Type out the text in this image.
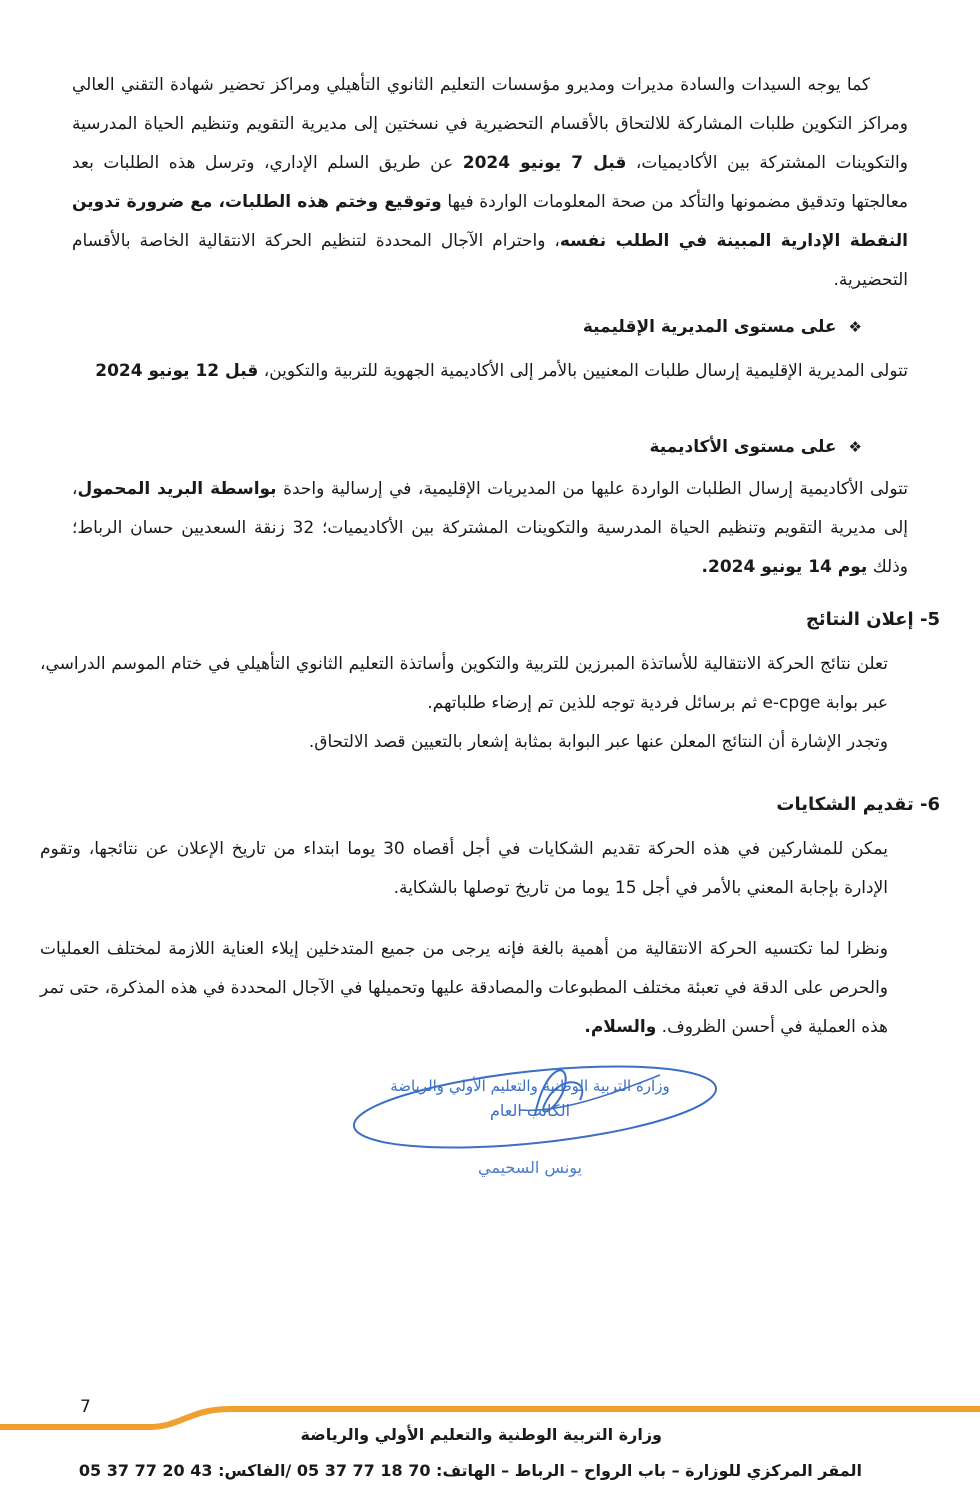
كما يوجه السيدات والسادة مديرات ومديرو مؤسسات التعليم الثانوي التأهيلي ومراكز تحضير شهادة التقني العالي ومراكز التكوين طلبات المشاركة للالتحاق بالأقسام التحضيرية في نسختين إلى مديرية التقويم وتنظيم الحياة المدرسية والتكوينات المشتركة بين الأكاديميات، قبل 7 يونيو 2024 عن طريق السلم الإداري، وترسل هذه الطلبات بعد معالجتها وتدقيق مضمونها والتأكد من صحة المعلومات الواردة فيها وتوقيع وختم هذه الطلبات، مع ضرورة تدوين النقطة الإدارية المبينة في الطلب نفسه، واحترام الآجال المحددة لتنظيم الحركة الانتقالية الخاصة بالأقسام التحضيرية.

❖على مستوى المديرية الإقليمية

تتولى المديرية الإقليمية إرسال طلبات المعنيين بالأمر إلى الأكاديمية الجهوية للتربية والتكوين، قبل 12 يونيو 2024

❖على مستوى الأكاديمية

تتولى الأكاديمية إرسال الطلبات الواردة عليها من المديريات الإقليمية، في إرسالية واحدة بواسطة البريد المحمول، إلى مديرية التقويم وتنظيم الحياة المدرسية والتكوينات المشتركة بين الأكاديميات؛ 32 زنقة السعديين حسان الرباط؛ وذلك يوم 14 يونيو 2024.

5- إعلان النتائج

تعلن نتائج الحركة الانتقالية للأساتذة المبرزين للتربية والتكوين وأساتذة التعليم الثانوي التأهيلي في ختام الموسم الدراسي، عبر بوابة e-cpge ثم برسائل فردية توجه للذين تم إرضاء طلباتهم.

وتجدر الإشارة أن النتائج المعلن عنها عبر البوابة بمثابة إشعار بالتعيين قصد الالتحاق.

6- تقديم الشكايات

يمكن للمشاركين في هذه الحركة تقديم الشكايات في أجل أقصاه 30 يوما ابتداء من تاريخ الإعلان عن نتائجها، وتقوم الإدارة بإجابة المعني بالأمر في أجل 15 يوما من تاريخ توصلها بالشكاية.

ونظرا لما تكتسيه الحركة الانتقالية من أهمية بالغة فإنه يرجى من جميع المتدخلين إيلاء العناية اللازمة لمختلف العمليات والحرص على الدقة في تعبئة مختلف المطبوعات والمصادقة عليها وتحميلها في الآجال المحددة في هذه المذكرة، حتى تمر هذه العملية في أحسن الظروف. والسلام.

وزارة التربية الوطنية والتعليم الأولي والرياضة
الكاتب العام
يونس السحيمي
7
وزارة التربية الوطنية والتعليم الأولي والرياضة
المقر المركزي للوزارة – باب الرواح – الرباط – الهاتف: 70 18 77 37 05 /الفاكس: 43 20 77 37 05
